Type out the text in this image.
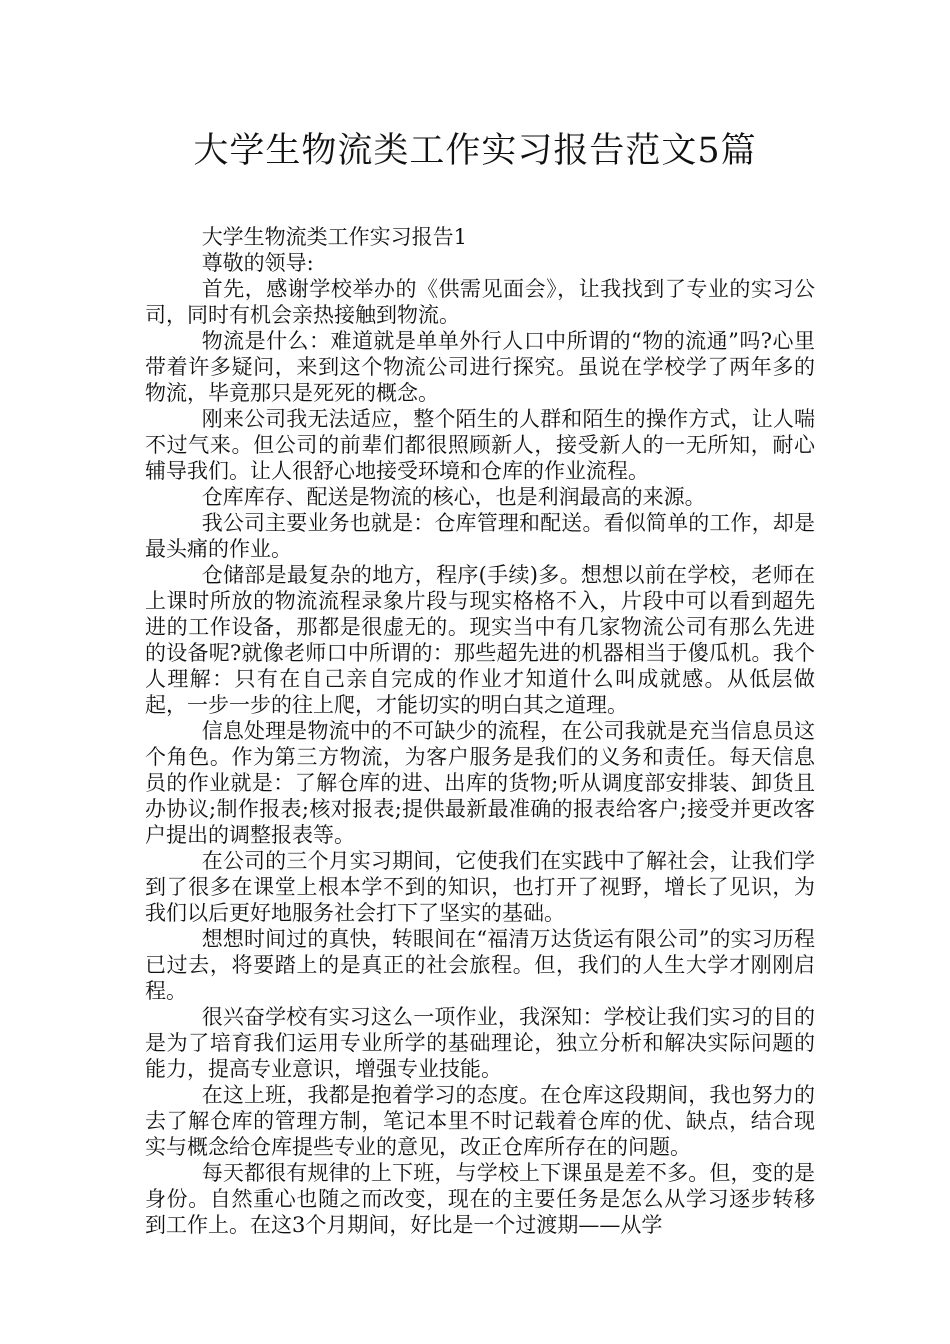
大学生物流类工作实习报告范文5篇

大学生物流类工作实习报告1

尊敬的领导:

首先，感谢学校举办的《供需见面会》，让我找到了专业的实习公司，同时有机会亲热接触到物流。

物流是什么：难道就是单单外行人口中所谓的“物的流通”吗?心里带着许多疑问，来到这个物流公司进行探究。虽说在学校学了两年多的物流，毕竟那只是死死的概念。

刚来公司我无法适应，整个陌生的人群和陌生的操作方式，让人喘不过气来。但公司的前辈们都很照顾新人，接受新人的一无所知，耐心辅导我们。让人很舒心地接受环境和仓库的作业流程。

仓库库存、配送是物流的核心，也是利润最高的来源。

我公司主要业务也就是：仓库管理和配送。看似简单的工作，却是最头痛的作业。

仓储部是最复杂的地方，程序(手续)多。想想以前在学校，老师在上课时所放的物流流程录象片段与现实格格不入，片段中可以看到超先进的工作设备，那都是很虚无的。现实当中有几家物流公司有那么先进的设备呢?就像老师口中所谓的：那些超先进的机器相当于傻瓜机。我个人理解：只有在自己亲自完成的作业才知道什么叫成就感。从低层做起，一步一步的往上爬，才能切实的明白其之道理。

信息处理是物流中的不可缺少的流程，在公司我就是充当信息员这个角色。作为第三方物流，为客户服务是我们的义务和责任。每天信息员的作业就是：了解仓库的进、出库的货物;听从调度部安排装、卸货且办协议;制作报表;核对报表;提供最新最准确的报表给客户;接受并更改客户提出的调整报表等。

在公司的三个月实习期间，它使我们在实践中了解社会，让我们学到了很多在课堂上根本学不到的知识，也打开了视野，增长了见识，为我们以后更好地服务社会打下了坚实的基础。

想想时间过的真快，转眼间在“福清万达货运有限公司”的实习历程已过去，将要踏上的是真正的社会旅程。但，我们的人生大学才刚刚启程。

很兴奋学校有实习这么一项作业，我深知：学校让我们实习的目的是为了培育我们运用专业所学的基础理论，独立分析和解决实际问题的能力，提高专业意识，增强专业技能。

在这上班，我都是抱着学习的态度。在仓库这段期间，我也努力的去了解仓库的管理方制，笔记本里不时记载着仓库的优、缺点，结合现实与概念给仓库提些专业的意见，改正仓库所存在的问题。

每天都很有规律的上下班，与学校上下课虽是差不多。但，变的是身份。自然重心也随之而改变，现在的主要任务是怎么从学习逐步转移到工作上。在这3个月期间，好比是一个过渡期——从学
